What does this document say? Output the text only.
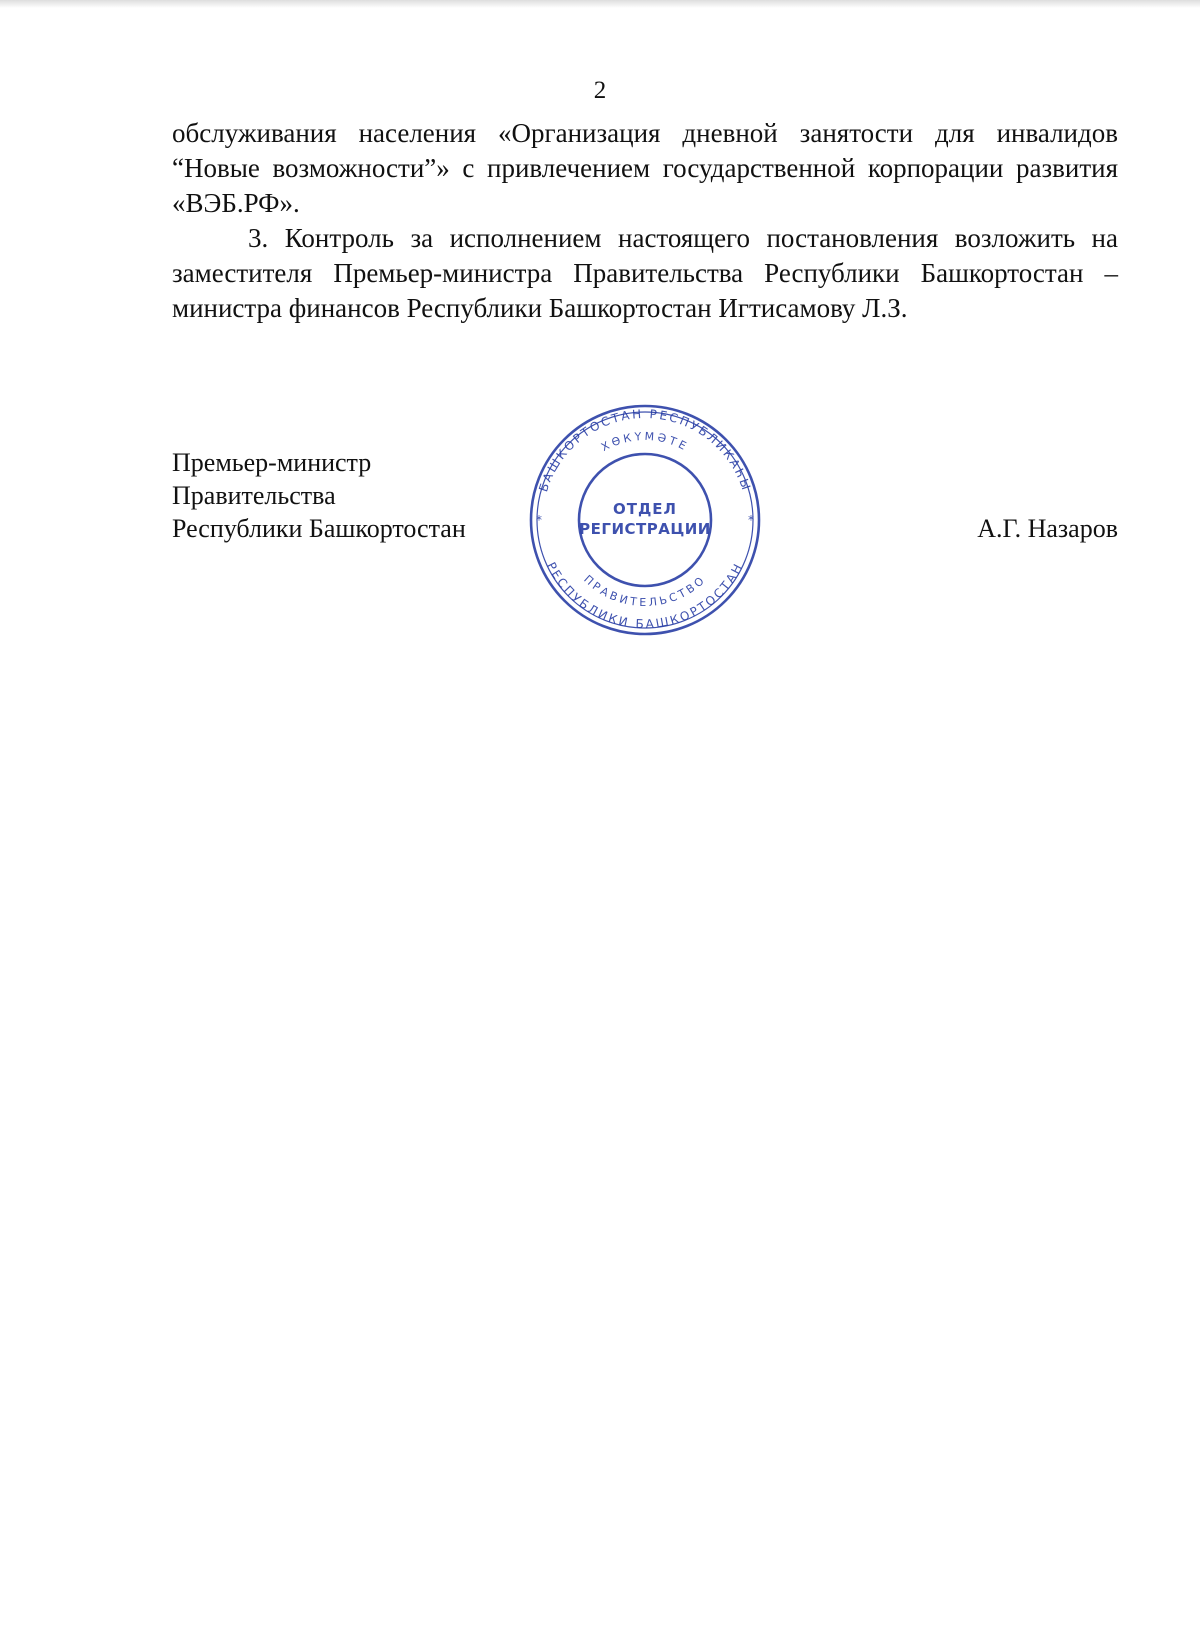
2

обслуживания населения «Организация дневной занятости для инвалидов “Новые возможности”» с привлечением государственной корпорации развития «ВЭБ.РФ».

3. Контроль за исполнением настоящего постановления возложить на заместителя Премьер-министра Правительства Республики Башкортостан – министра финансов Республики Башкортостан Игтисамову Л.З.

Премьер-министр
Правительства
Республики Башкортостан	А.Г. Назаров
БАШКОРТОСТАН РЕСПУБЛИКАҺЫ
ХӨКҮМӘТЕ
РЕСПУБЛИКИ БАШКОРТОСТАН
ПРАВИТЕЛЬСТВО
*	*
ОТДЕЛ
РЕГИСТРАЦИИ
